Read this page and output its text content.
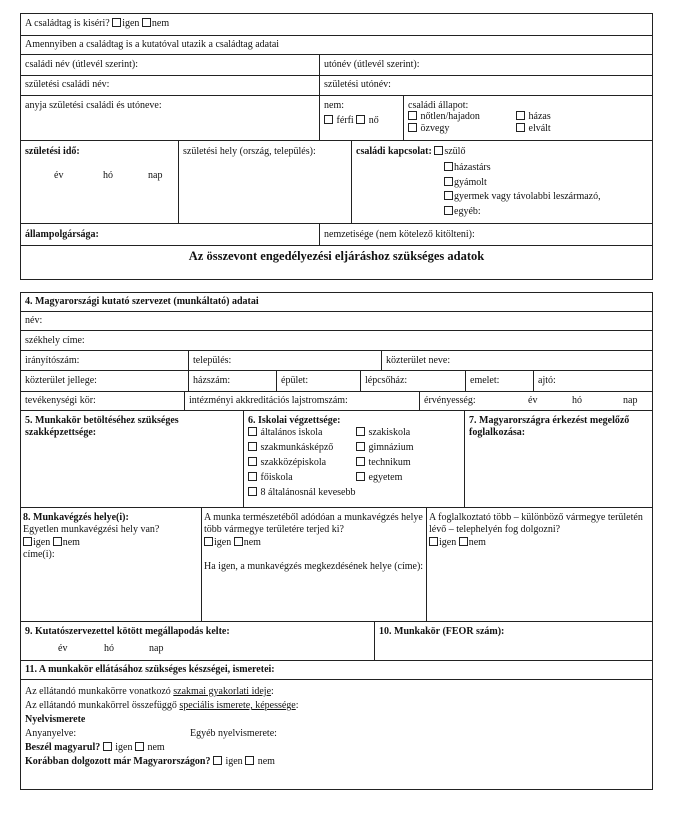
A családtag is kiséri? igen nem
Amennyiben a családtag is a kutatóval utazik a családtag adatai
családi név (útlevél szerint):	utónév (útlevél szerint):
születési családi név:	születési utónév:
anyja születési családi és utóneve:	nem:
férfi nő
családi állapot:
nőtlen/hajadon
özvegy
házas
elvált
születési idő:
év	hó	nap
születési hely (ország, település):	családi kapcsolat: szülő
házastárs
gyámolt
gyermek vagy távolabbi leszármazó,
egyéb:
állampolgársága:	nemzetisége (nem kötelező kitölteni):
Az összevont engedélyezési eljáráshoz szükséges adatok
4. Magyarországi kutató szervezet (munkáltató) adatai
név:
székhely címe:
irányítószám:	település:	közterület neve:
közterület jellege:	házszám:	épület:	lépcsőház:	emelet:	ajtó:
tevékenységi kör:	intézményi akkreditációs lajstromszám:	érvényesség:	év	hó	nap
5. Munkakör betöltéséhez szükséges szakképzettsége:
6. Iskolai végzettsége:
általános iskola
szakmunkásképző
szakközépiskola
főiskola
8 általánosnál kevesebb
szakiskola
gimnázium
technikum
egyetem
7. Magyarországra érkezést megelőző foglalkozása:
8. Munkavégzés helye(i):
Egyetlen munkavégzési hely van?
igen nem
címe(i):
A munka természetéből adódóan a munkavégzés helye több vármegye területére terjed ki?
igen nem
Ha igen, a munkavégzés megkezdésének helye (címe):
A foglalkoztató több – különböző vármegye területén lévő – telephelyén fog dolgozni?
igen nem
9. Kutatószervezettel kötött megállapodás kelte:
év	hó	nap
10. Munkakör (FEOR szám):
11. A munkakör ellátásához szükséges készségei, ismeretei:
Az ellátandó munkakörre vonatkozó szakmai gyakorlati ideje:
Az ellátandó munkakörrel összefüggő speciális ismerete, képessége:
Nyelvismerete
Anyanyelve:	Egyéb nyelvismerete:
Beszél magyarul? igen nem
Korábban dolgozott már Magyarországon? igen nem
